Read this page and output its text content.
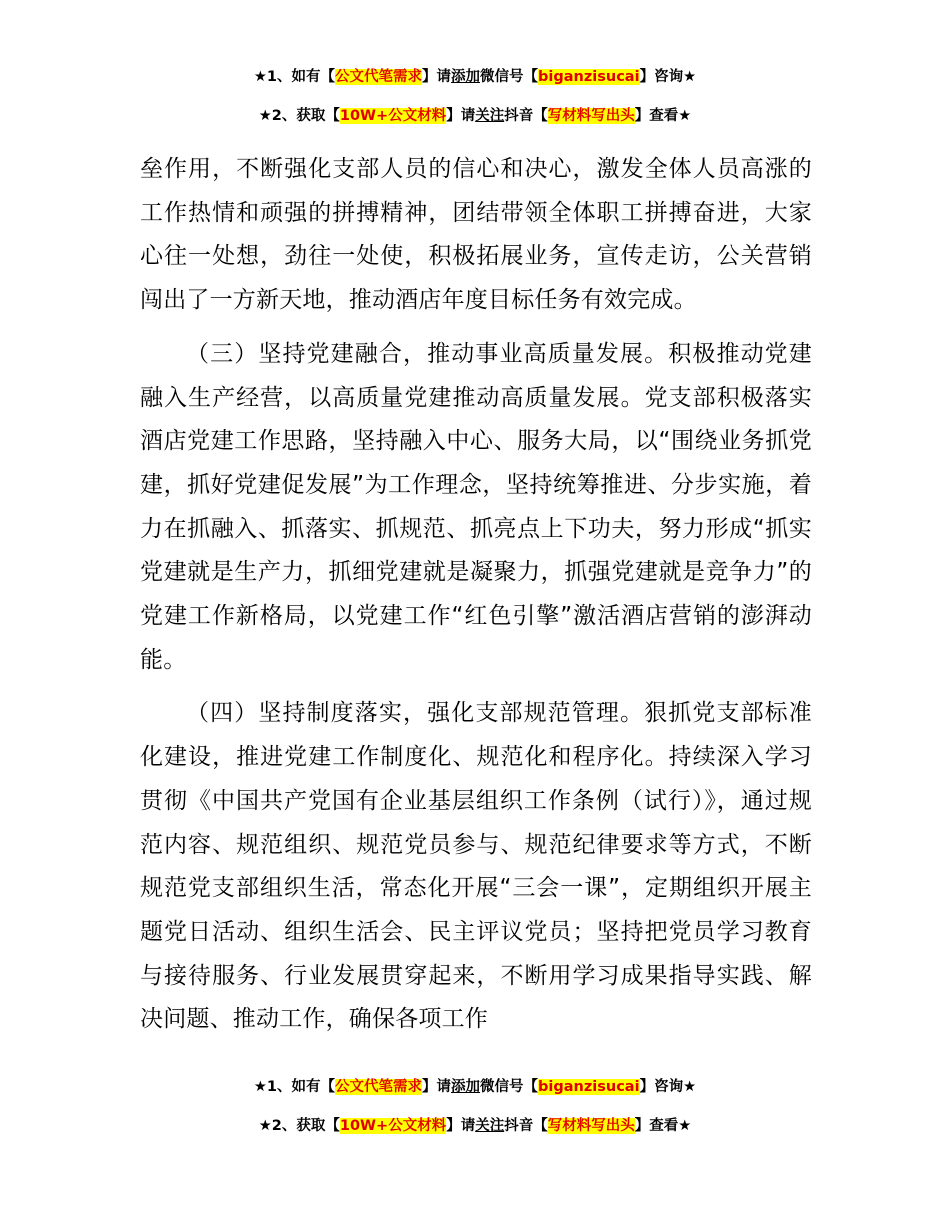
★1、如有【公文代笔需求】请添加微信号【biganzisucai】咨询★
★2、获取【10W+公文材料】请关注抖音【写材料写出头】查看★

垒作用，不断强化支部人员的信心和决心，激发全体人员高涨的工作热情和顽强的拼搏精神，团结带领全体职工拼搏奋进，大家心往一处想，劲往一处使，积极拓展业务，宣传走访，公关营销闯出了一方新天地，推动酒店年度目标任务有效完成。

（三）坚持党建融合，推动事业高质量发展。积极推动党建融入生产经营，以高质量党建推动高质量发展。党支部积极落实酒店党建工作思路，坚持融入中心、服务大局，以“围绕业务抓党建，抓好党建促发展”为工作理念，坚持统筹推进、分步实施，着力在抓融入、抓落实、抓规范、抓亮点上下功夫，努力形成“抓实党建就是生产力，抓细党建就是凝聚力，抓强党建就是竞争力”的党建工作新格局，以党建工作“红色引擎”激活酒店营销的澎湃动能。

（四）坚持制度落实，强化支部规范管理。狠抓党支部标准化建设，推进党建工作制度化、规范化和程序化。持续深入学习贯彻《中国共产党国有企业基层组织工作条例（试行）》，通过规范内容、规范组织、规范党员参与、规范纪律要求等方式，不断规范党支部组织生活，常态化开展“三会一课”，定期组织开展主题党日活动、组织生活会、民主评议党员；坚持把党员学习教育与接待服务、行业发展贯穿起来，不断用学习成果指导实践、解决问题、推动工作，确保各项工作

★1、如有【公文代笔需求】请添加微信号【biganzisucai】咨询★
★2、获取【10W+公文材料】请关注抖音【写材料写出头】查看★
